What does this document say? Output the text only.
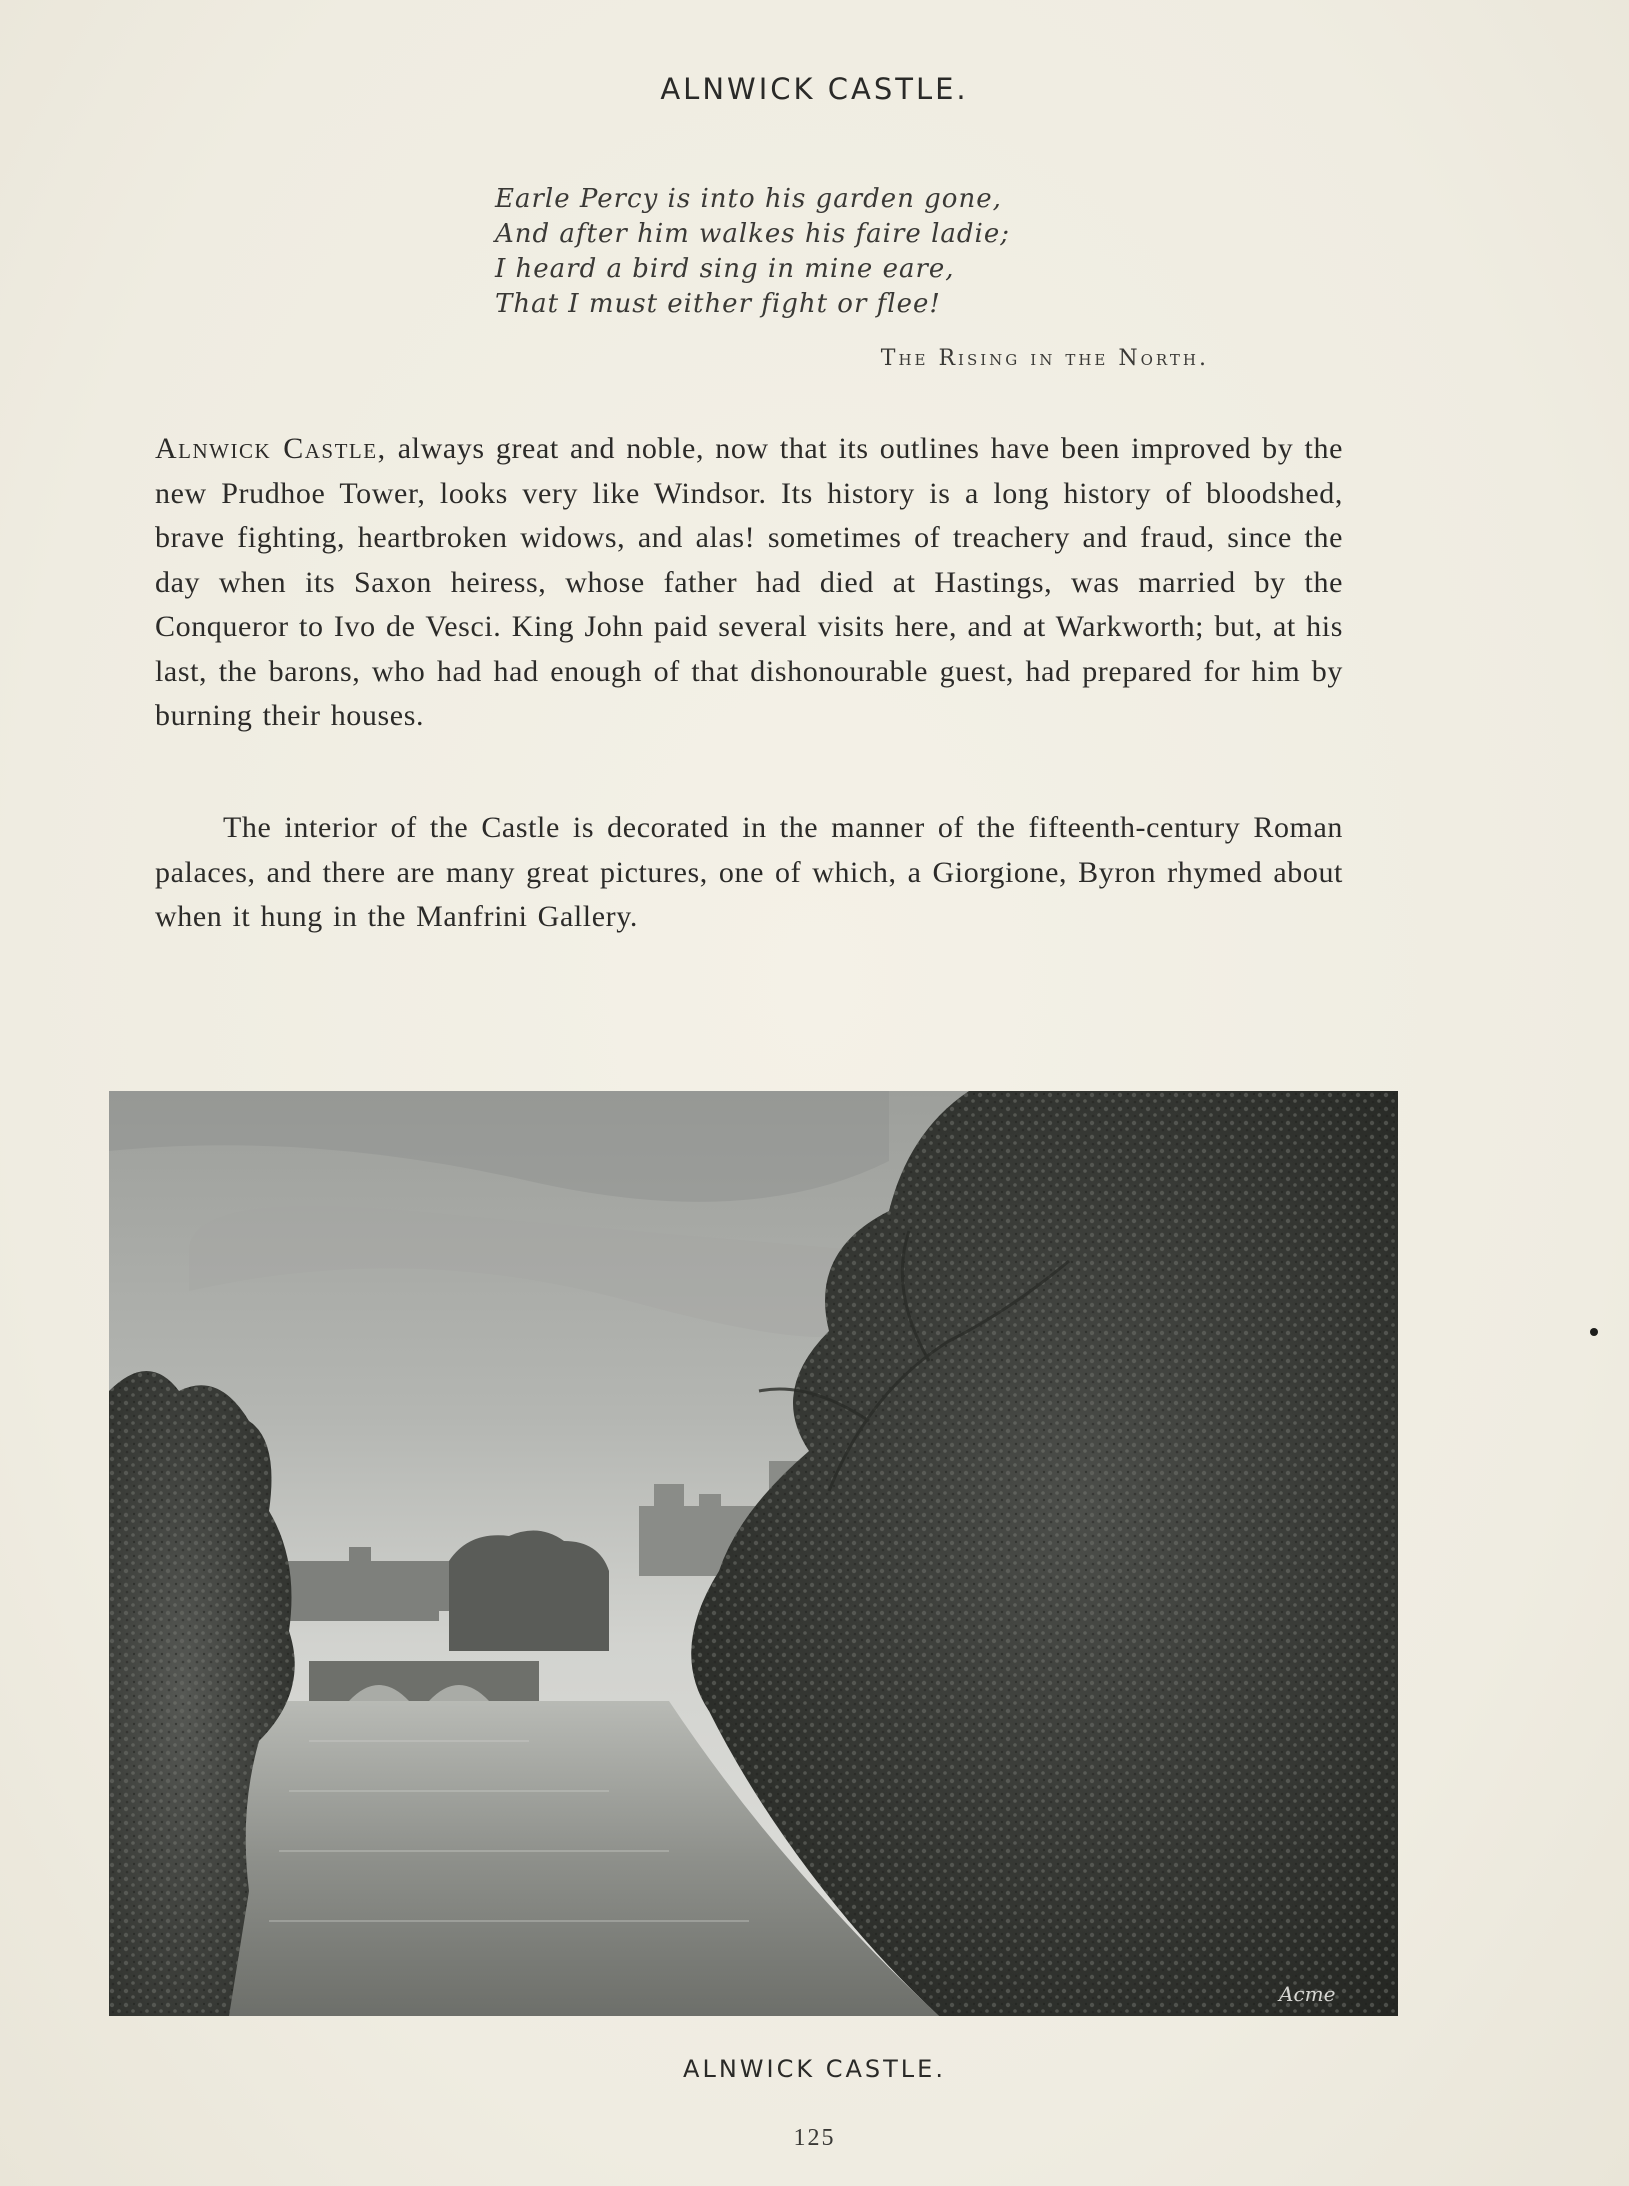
ALNWICK CASTLE.
Earle Percy is into his garden gone,
And after him walkes his faire ladie;
I heard a bird sing in mine eare,
That I must either fight or flee!
The Rising in the North.

Alnwick Castle, always great and noble, now that its outlines have been improved by the new Prudhoe Tower, looks very like Windsor. Its history is a long history of bloodshed, brave fighting, heartbroken widows, and alas! sometimes of treachery and fraud, since the day when its Saxon heiress, whose father had died at Hastings, was married by the Conqueror to Ivo de Vesci. King John paid several visits here, and at Warkworth; but, at his last, the barons, who had had enough of that dishonourable guest, had prepared for him by burning their houses.

The interior of the Castle is decorated in the manner of the fifteenth-century Roman palaces, and there are many great pictures, one of which, a Giorgione, Byron rhymed about when it hung in the Manfrini Gallery.

Acme
ALNWICK CASTLE.
125
